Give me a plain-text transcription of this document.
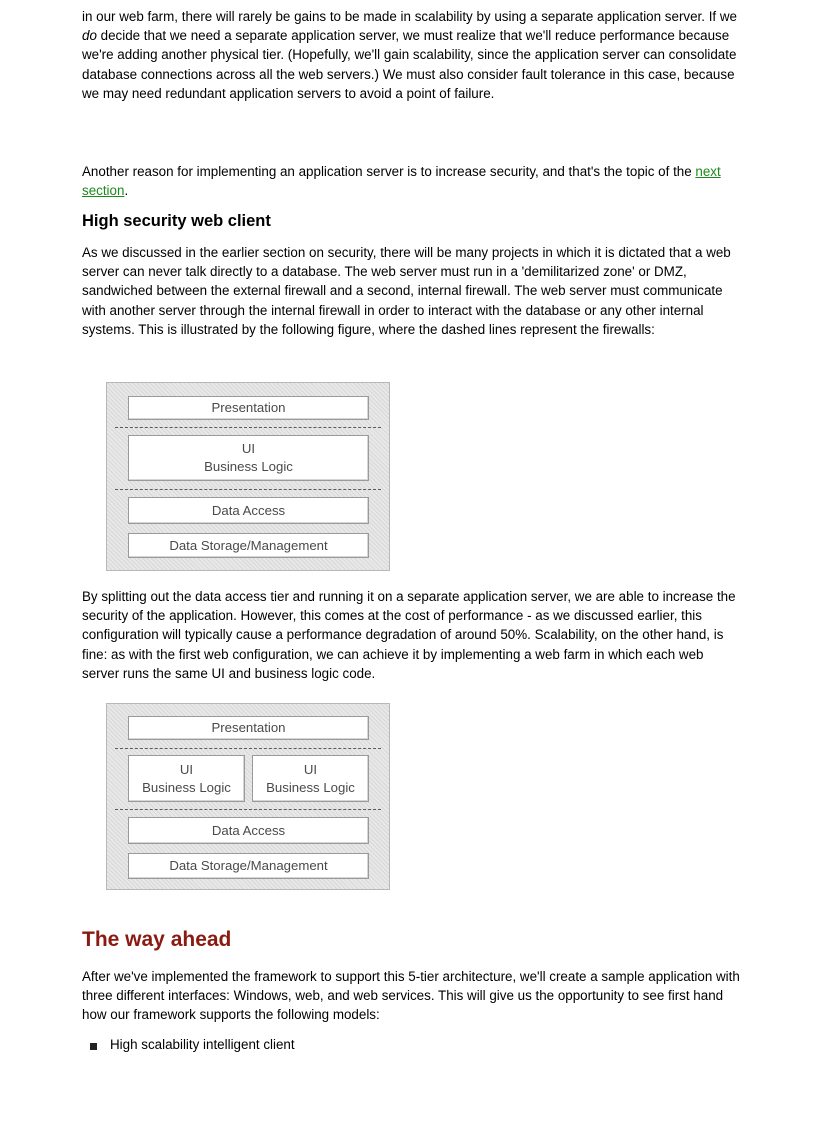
in our web farm, there will rarely be gains to be made in scalability by using a separate application server. If we do decide that we need a separate application server, we must realize that we'll reduce performance because we're adding another physical tier. (Hopefully, we'll gain scalability, since the application server can consolidate database connections across all the web servers.) We must also consider fault tolerance in this case, because we may need redundant application servers to avoid a point of failure.

Another reason for implementing an application server is to increase security, and that's the topic of the next section.

High security web client

As we discussed in the earlier section on security, there will be many projects in which it is dictated that a web server can never talk directly to a database. The web server must run in a 'demilitarized zone' or DMZ, sandwiched between the external firewall and a second, internal firewall. The web server must communicate with another server through the internal firewall in order to interact with the database or any other internal systems. This is illustrated by the following figure, where the dashed lines represent the firewalls:

Presentation
UI
Business Logic
Data Access
Data Storage/Management

By splitting out the data access tier and running it on a separate application server, we are able to increase the security of the application. However, this comes at the cost of performance - as we discussed earlier, this configuration will typically cause a performance degradation of around 50%. Scalability, on the other hand, is fine: as with the first web configuration, we can achieve it by implementing a web farm in which each web server runs the same UI and business logic code.

Presentation
UI
Business Logic
UI
Business Logic
Data Access
Data Storage/Management
The way ahead

After we've implemented the framework to support this 5-tier architecture, we'll create a sample application with three different interfaces: Windows, web, and web services. This will give us the opportunity to see first hand how our framework supports the following models:

High scalability intelligent client
